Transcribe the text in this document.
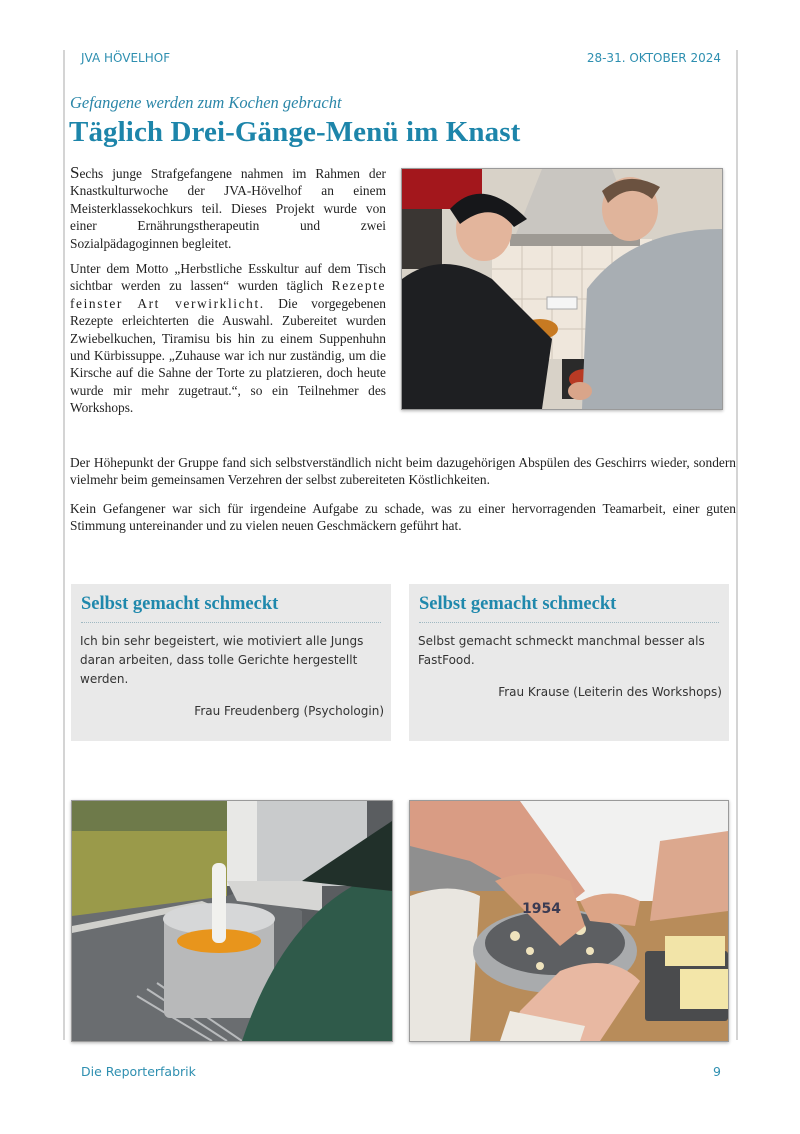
JVA HÖVELHOF	28-31. OKTOBER 2024
Gefangene werden zum Kochen gebracht
Täglich Drei-Gänge-Menü im Knast

Sechs junge Strafgefangene nahmen im Rahmen der Knastkulturwoche der JVA-Hövelhof an einem Meisterklassekochkurs teil. Dieses Projekt wurde von einer Ernährungstherapeutin und zwei Sozialpädagoginnen begleitet.

Unter dem Motto „Herbstliche Esskultur auf dem Tisch sichtbar werden zu lassen“ wurden täglich Rezepte feinster Art verwirklicht. Die vorgegebenen Rezepte erleichterten die Auswahl. Zubereitet wurden Zwiebelkuchen, Tiramisu bis hin zu einem Suppenhuhn und Kürbissuppe. „Zuhause war ich nur zuständig, um die Kirsche auf die Sahne der Torte zu platzieren, doch heute wurde mir mehr zugetraut.“, so ein Teilnehmer des Workshops.

Der Höhepunkt der Gruppe fand sich selbstverständlich nicht beim dazugehörigen Abspülen des Geschirrs wieder, sondern vielmehr beim gemeinsamen Verzehren der selbst zubereiteten Köstlichkeiten.
Kein Gefangener war sich für irgendeine Aufgabe zu schade, was zu einer hervorragenden Teamarbeit, einer guten Stimmung untereinander und zu vielen neuen Geschmäckern geführt hat.
Selbst gemacht schmeckt
Ich bin sehr begeistert, wie motiviert alle Jungs daran arbeiten, dass tolle Gerichte hergestellt werden.
Frau Freudenberg (Psychologin)
Selbst gemacht schmeckt
Selbst gemacht schmeckt manchmal besser als FastFood.
Frau Krause (Leiterin des Workshops)
1954
Die Reporterfabrik	9
